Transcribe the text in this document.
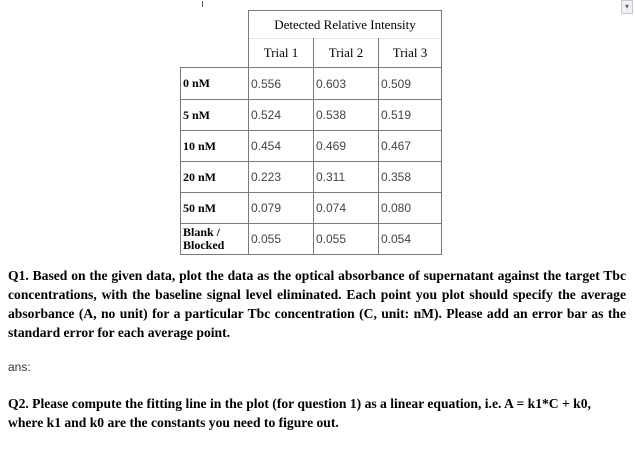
▾
	Detected Relative Intensity		
	Trial 1	Trial 2	Trial 3
0 nM	0.556	0.603	0.509
5 nM	0.524	0.538	0.519
10 nM	0.454	0.469	0.467
20 nM	0.223	0.311	0.358
50 nM	0.079	0.074	0.080
Blank / Blocked	0.055	0.055	0.054

Q1. Based on the given data, plot the data as the optical absorbance of supernatant against the target Tbc concentrations, with the baseline signal level eliminated. Each point you plot should specify the average absorbance (A, no unit) for a particular Tbc concentration (C, unit: nM). Please add an error bar as the standard error for each average point.

ans:

Q2. Please compute the fitting line in the plot (for question 1) as a linear equation, i.e. A = k1*C + k0, where k1 and k0 are the constants you need to figure out.
